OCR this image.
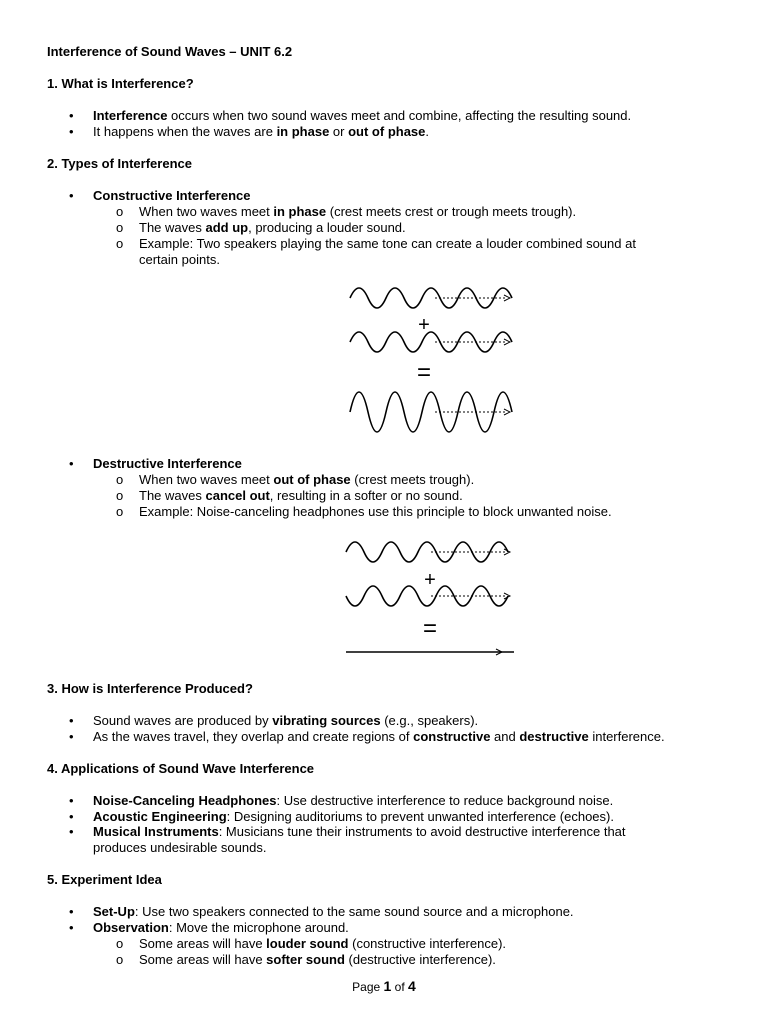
Interference of Sound Waves – UNIT 6.2
1. What is Interference?
• Interference occurs when two sound waves meet and combine, affecting the resulting sound.
• It happens when the waves are in phase or out of phase.
2. Types of Interference
• Constructive Interference
o When two waves meet in phase (crest meets crest or trough meets trough).
o The waves add up, producing a louder sound.
o Example: Two speakers playing the same tone can create a louder combined sound at
certain points.
+
=
• Destructive Interference
o When two waves meet out of phase (crest meets trough).
o The waves cancel out, resulting in a softer or no sound.
o Example: Noise-canceling headphones use this principle to block unwanted noise.
+
=
3. How is Interference Produced?
• Sound waves are produced by vibrating sources (e.g., speakers).
• As the waves travel, they overlap and create regions of constructive and destructive interference.
4. Applications of Sound Wave Interference
• Noise-Canceling Headphones: Use destructive interference to reduce background noise.
• Acoustic Engineering: Designing auditoriums to prevent unwanted interference (echoes).
• Musical Instruments: Musicians tune their instruments to avoid destructive interference that
produces undesirable sounds.
5. Experiment Idea
• Set-Up: Use two speakers connected to the same sound source and a microphone.
• Observation: Move the microphone around.
o Some areas will have louder sound (constructive interference).
o Some areas will have softer sound (destructive interference).
Page 1 of 4
